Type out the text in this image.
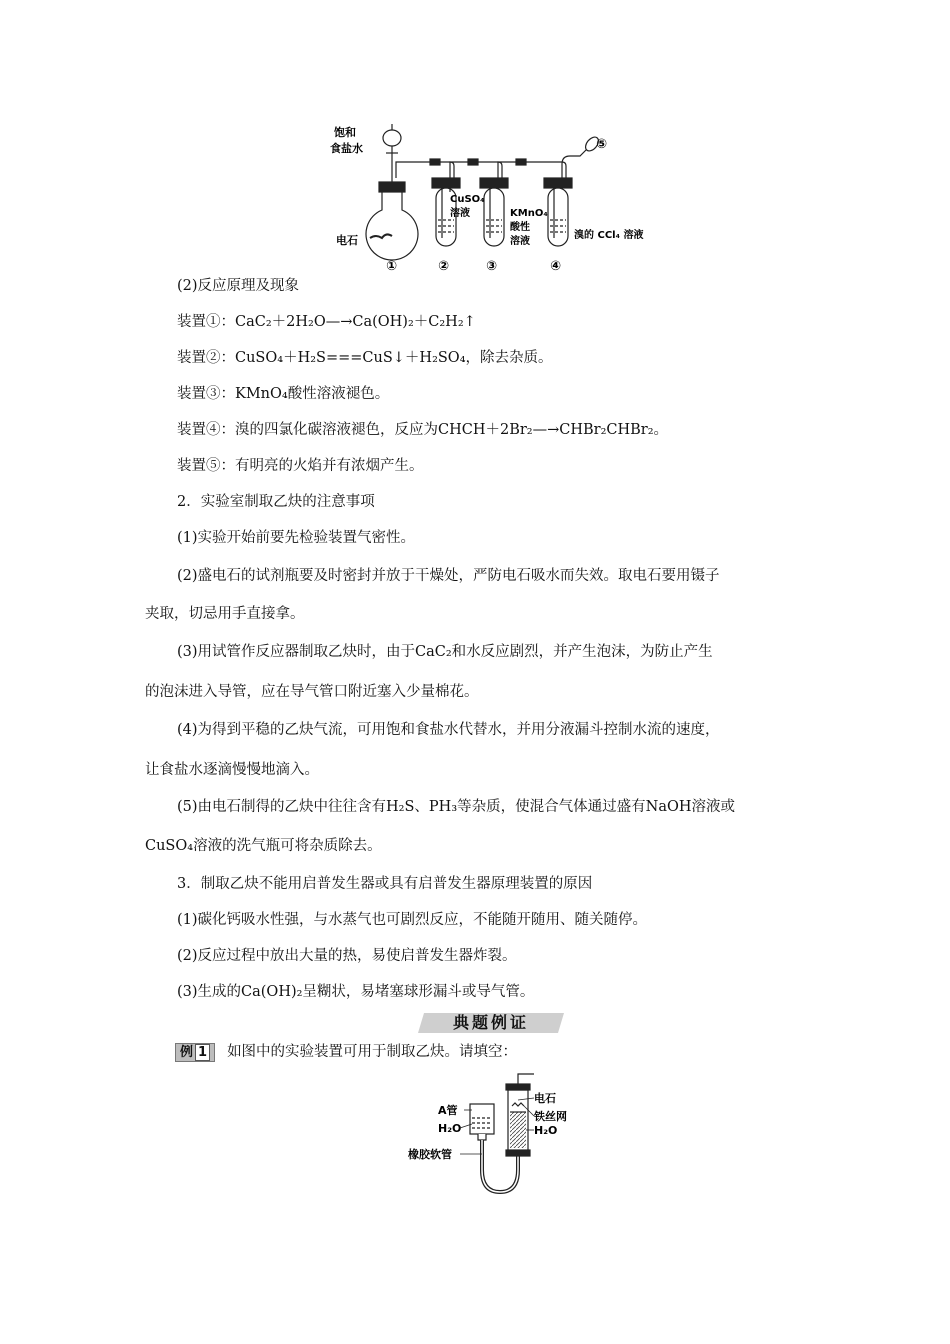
饱和
食盐水
电石
CuSO₄
溶液	KMnO₄
酸性
溶液
溴的 CCl₄ 溶液
①	②	③	④
⑤
(2)反应原理及现象
装置①：CaC₂＋2H₂O—→Ca(OH)₂＋C₂H₂↑
装置②：CuSO₄＋H₂S===CuS↓＋H₂SO₄，除去杂质。
装置③：KMnO₄酸性溶液褪色。
装置④：溴的四氯化碳溶液褪色，反应为CHCH＋2Br₂—→CHBr₂CHBr₂。
装置⑤：有明亮的火焰并有浓烟产生。
2．实验室制取乙炔的注意事项
(1)实验开始前要先检验装置气密性。
(2)盛电石的试剂瓶要及时密封并放于干燥处，严防电石吸水而失效。取电石要用镊子
夹取，切忌用手直接拿。
(3)用试管作反应器制取乙炔时，由于CaC₂和水反应剧烈，并产生泡沫，为防止产生
的泡沫进入导管，应在导气管口附近塞入少量棉花。
(4)为得到平稳的乙炔气流，可用饱和食盐水代替水，并用分液漏斗控制水流的速度，
让食盐水逐滴慢慢地滴入。
(5)由电石制得的乙炔中往往含有H₂S、PH₃等杂质，使混合气体通过盛有NaOH溶液或
CuSO₄溶液的洗气瓶可将杂质除去。
3．制取乙炔不能用启普发生器或具有启普发生器原理装置的原因
(1)碳化钙吸水性强，与水蒸气也可剧烈反应，不能随开随用、随关随停。
(2)反应过程中放出大量的热，易使启普发生器炸裂。
(3)生成的Ca(OH)₂呈糊状，易堵塞球形漏斗或导气管。
典题例证
例 1	如图中的实验装置可用于制取乙炔。请填空：
A管
H₂O
橡胶软管
电石
铁丝网
H₂O
